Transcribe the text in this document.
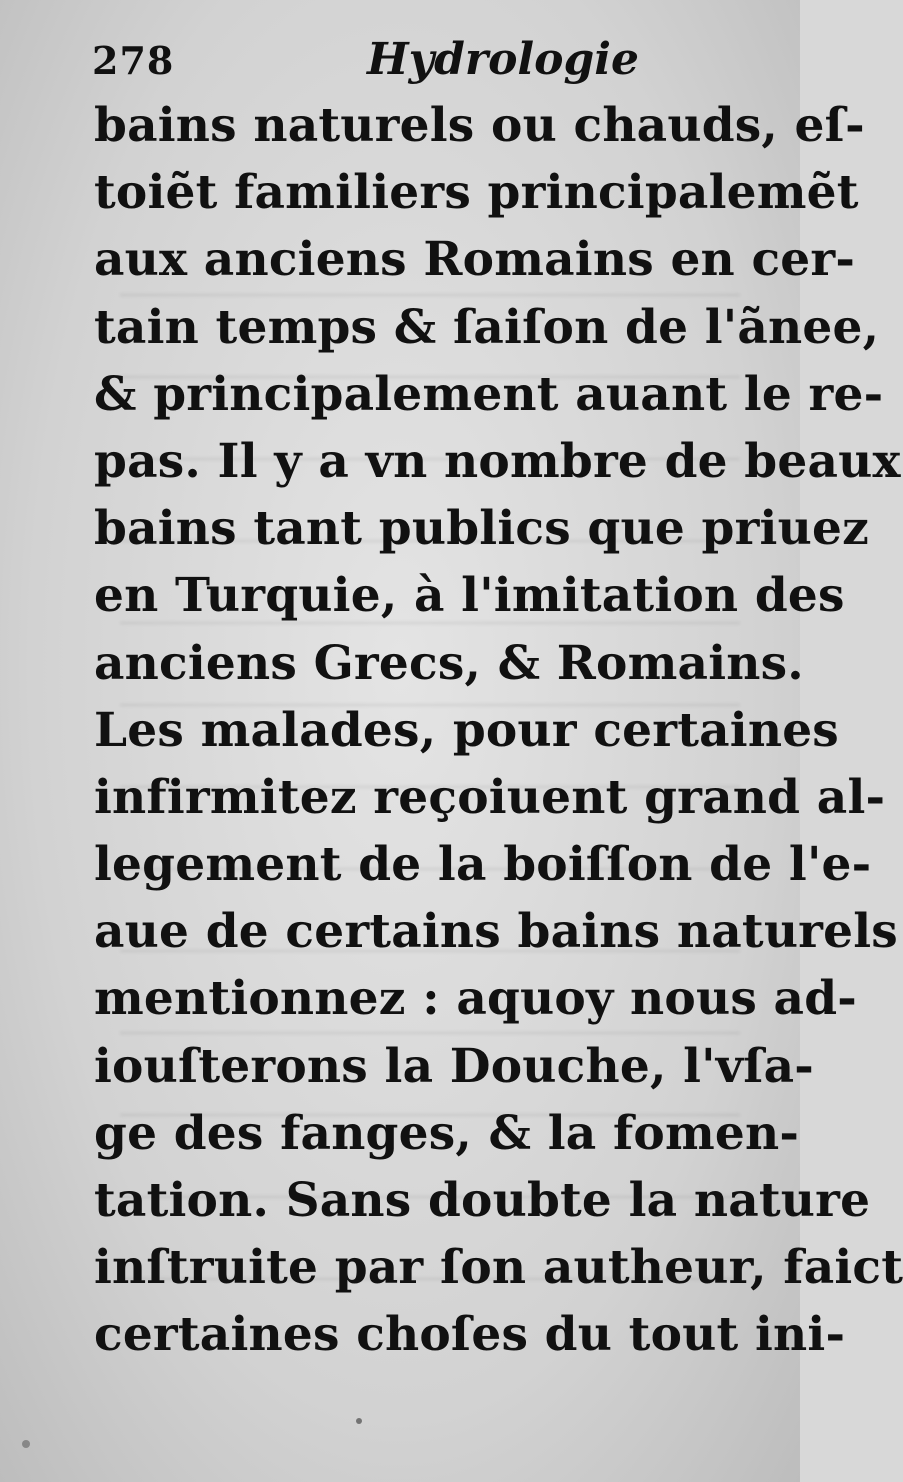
278	Hydrologie
bains naturels ou chauds, eſ-
toiẽt familiers principalemẽt
aux anciens Romains en cer-
tain temps & ſaiſon de l'ãnee,
& principalement auant le re-
pas. Il y a vn nombre de beaux
bains tant publics que priuez
en Turquie, à l'imitation des
anciens Grecs, & Romains.
Les malades, pour certaines
infirmitez reçoiuent grand al-
legement de la boiſſon de l'e-
aue de certains bains naturels
mentionnez : aquoy nous ad-
iouſterons la Douche, l'vſa-
ge des fanges, & la fomen-
tation. Sans doubte la nature
inſtruite par ſon autheur, faict
certaines choſes du tout ini-
